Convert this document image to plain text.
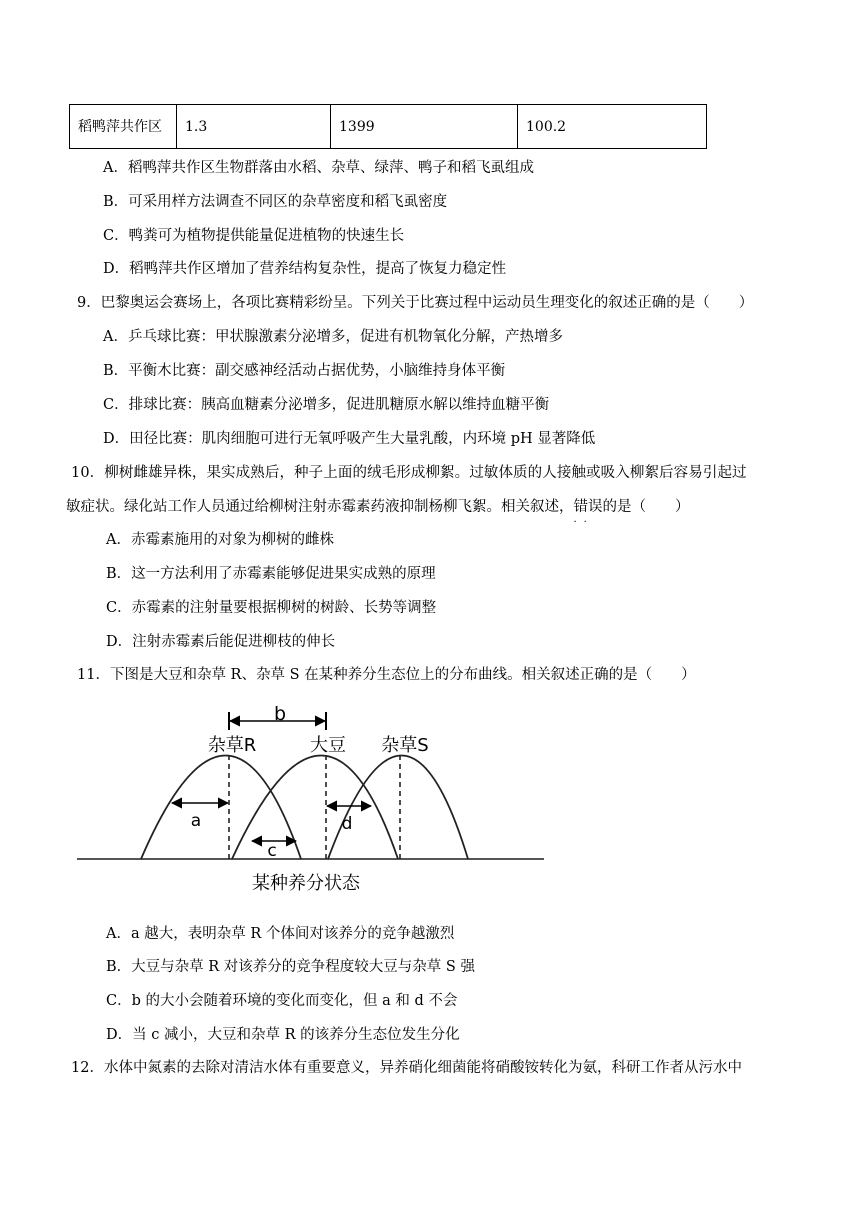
稻鸭萍共作区	1.3	1399	100.2
A．稻鸭萍共作区生物群落由水稻、杂草、绿萍、鸭子和稻飞虱组成
B．可采用样方法调查不同区的杂草密度和稻飞虱密度
C．鸭粪可为植物提供能量促进植物的快速生长
D．稻鸭萍共作区增加了营养结构复杂性，提高了恢复力稳定性
9．巴黎奥运会赛场上，各项比赛精彩纷呈。下列关于比赛过程中运动员生理变化的叙述正确的是（　　）
A．乒乓球比赛：甲状腺激素分泌增多，促进有机物氧化分解，产热增多
B．平衡木比赛：副交感神经活动占据优势，小脑维持身体平衡
C．排球比赛：胰高血糖素分泌增多，促进肌糖原水解以维持血糖平衡
D．田径比赛：肌肉细胞可进行无氧呼吸产生大量乳酸，内环境 pH 显著降低
10．柳树雌雄异株，果实成熟后，种子上面的绒毛形成柳絮。过敏体质的人接触或吸入柳絮后容易引起过
敏症状。绿化站工作人员通过给柳树注射赤霉素药液抑制杨柳飞絮。相关叙述，错误
··
的是（　　）
A．赤霉素施用的对象为柳树的雌株
B．这一方法利用了赤霉素能够促进果实成熟的原理
C．赤霉素的注射量要根据柳树的树龄、长势等调整
D．注射赤霉素后能促进柳枝的伸长
11．下图是大豆和杂草 R、杂草 S 在某种养分生态位上的分布曲线。相关叙述正确的是（　　）
b
杂草R	大豆 杂草S
a
c
d
某种养分状态
A．a 越大，表明杂草 R 个体间对该养分的竞争越激烈
B．大豆与杂草 R 对该养分的竞争程度较大豆与杂草 S 强
C．b 的大小会随着环境的变化而变化，但 a 和 d 不会
D．当 c 减小，大豆和杂草 R 的该养分生态位发生分化
12．水体中氮素的去除对清洁水体有重要意义，异养硝化细菌能将硝酸铵转化为氨，科研工作者从污水中
